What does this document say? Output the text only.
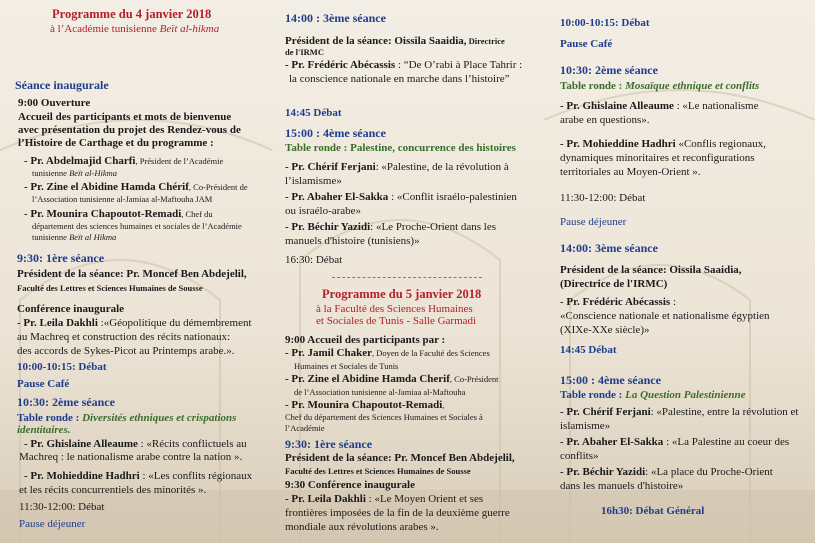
Programme du 4 janvier 2018
à l’Académie tunisienne Beït al-hikma
Séance inaugurale
9:00 Ouverture
Accueil des participants et mots de bienvenue
avec présentation du projet des Rendez-vous de
l’Histoire de Carthage et du programme :
- Pr. Abdelmajid Charfi, Président de l’Académie
tunisienne Beït al-Hikma
- Pr. Zine el Abidine Hamda Chérif, Co-Président de
l’Association tunisienne al-Jamiaa al-Maftouha JAM
- Pr. Mounira Chapoutot-Remadi, Chef du
département des sciences humaines et sociales de l’Académie
tunisienne Beït al Hikma
9:30: 1ère séance
Président de la séance: Pr. Moncef Ben Abdejelil,
Faculté des Lettres et Sciences Humaines de Sousse
Conférence inaugurale
- Pr. Leila Dakhli :«Géopolitique du démembrement
au Machreq et construction des récits nationaux:
des accords de Sykes-Picot au Printemps arabe.».
10:00-10:15: Débat
Pause Café
10:30: 2ème séance
Table ronde : Diversités ethniques et crispations
identitaires.
- Pr. Ghislaine Alleaume : «Récits conflictuels au
Machreq : le nationalisme arabe contre la nation ».
- Pr. Mohieddine Hadhri : «Les conflits régionaux
et les récits concurrentiels des minorités ».
11:30-12:00: Débat
Pause déjeuner
14:00 : 3ème séance
Président de la séance: Oissila Saaidia, Directrice
de l'IRMC
- Pr. Frédéric Abécassis : “De O’rabi à Place Tahrir :
la conscience nationale en marche dans l’histoire”
14:45 Débat
15:00 : 4ème séance
Table ronde : Palestine, concurrence des histoires
- Pr. Chérif Ferjani: «Palestine, de la révolution à
l’islamisme»
- Pr. Abaher El-Sakka : «Conflit israélo-palestinien
ou israélo-arabe»
- Pr. Béchir Yazidi: «Le Proche-Orient dans les
manuels d'histoire (tunisiens)»
16:30: Débat
Programme du 5 janvier 2018
à la Faculté des Sciences Humaines
et Sociales de Tunis - Salle Garmadi
9:00 Accueil des participants par :
- Pr. Jamil Chaker, Doyen de la Faculté des Sciences
Humaines et Sociales de Tunis
- Pr. Zine el Abidine Hamda Cherif, Co-Président
de l’Association tunisienne al-Jamiaa al-Maftouha
- Pr. Mounira Chapoutot-Remadi,
Chef du département des Sciences Humaines et Sociales à
l’Académie
9:30: 1ère séance
Président de la séance: Pr. Moncef Ben Abdejelil,
Faculté des Lettres et Sciences Humaines de Sousse
9:30 Conférence inaugurale
- Pr. Leila Dakhli : «Le Moyen Orient et ses
frontières imposées de la fin de la deuxième guerre
mondiale aux révolutions arabes ».
10:00-10:15: Débat
Pause Café
10:30: 2ème séance
Table ronde : Mosaïque ethnique et conflits
- Pr. Ghislaine Alleaume : «Le nationalisme
arabe en questions».
- Pr. Mohieddine Hadhri «Conflis regionaux,
dynamiques minoritaires et reconfigurations
territoriales au Moyen-Orient ».
11:30-12:00: Débat
Pause déjeuner
14:00: 3ème séance
Président de la séance: Oissila Saaidia,
(Directrice de l'IRMC)
- Pr. Frédéric Abécassis :
«Conscience nationale et nationalisme égyptien
(XIXe-XXe siècle)»
14:45 Débat
15:00 : 4ème séance
Table ronde : La Question Palestinienne
- Pr. Chérif Ferjani: «Palestine, entre la révolution et
islamisme»
- Pr. Abaher El-Sakka : «La Palestine au coeur des
conflits»
- Pr. Béchir Yazidi: «La place du Proche-Orient
dans les manuels d'histoire»
16h30: Débat Général
